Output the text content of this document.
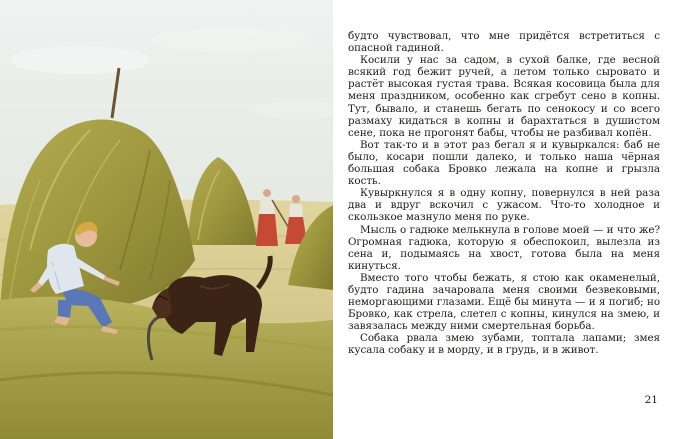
будто чувствовал, что мне придётся встретиться с опасной гадиной.

Косили у нас за садом, в сухой балке, где весной всякий год бежит ручей, а летом только сыровато и растёт высокая густая трава. Всякая косовица была для меня праздником, особенно как сгребут сено в копны. Тут, бывало, и станешь бегать по сенокосу и со всего размаху кидаться в копны и барахтаться в душистом сене, пока не прогонят бабы, чтобы не разбивал копён.

Вот так-то и в этот раз бегал я и кувыркался: баб не было, косари пошли далеко, и только наша чёрная большая собака Бровко лежала на копне и грызла кость.

Кувыркнулся я в одну копну, повернулся в ней раза два и вдруг вскочил с ужасом. Что-то холодное и скользкое мазнуло меня по руке.

Мысль о гадюке мелькнула в голове моей — и что же? Огромная гадюка, которую я обеспокоил, вылезла из сена и, подымаясь на хвост, готова была на меня кинуться.

Вместо того чтобы бежать, я стою как окаменелый, будто гадина зачаровала меня своими безвековыми, неморгающими глазами. Ещё бы минута — и я погиб; но Бровко, как стрела, слетел с копны, кинулся на змею, и завязалась между ними смертельная борьба.

Собака рвала змею зубами, топтала лапами; змея кусала собаку и в морду, и в грудь, и в живот.

21
